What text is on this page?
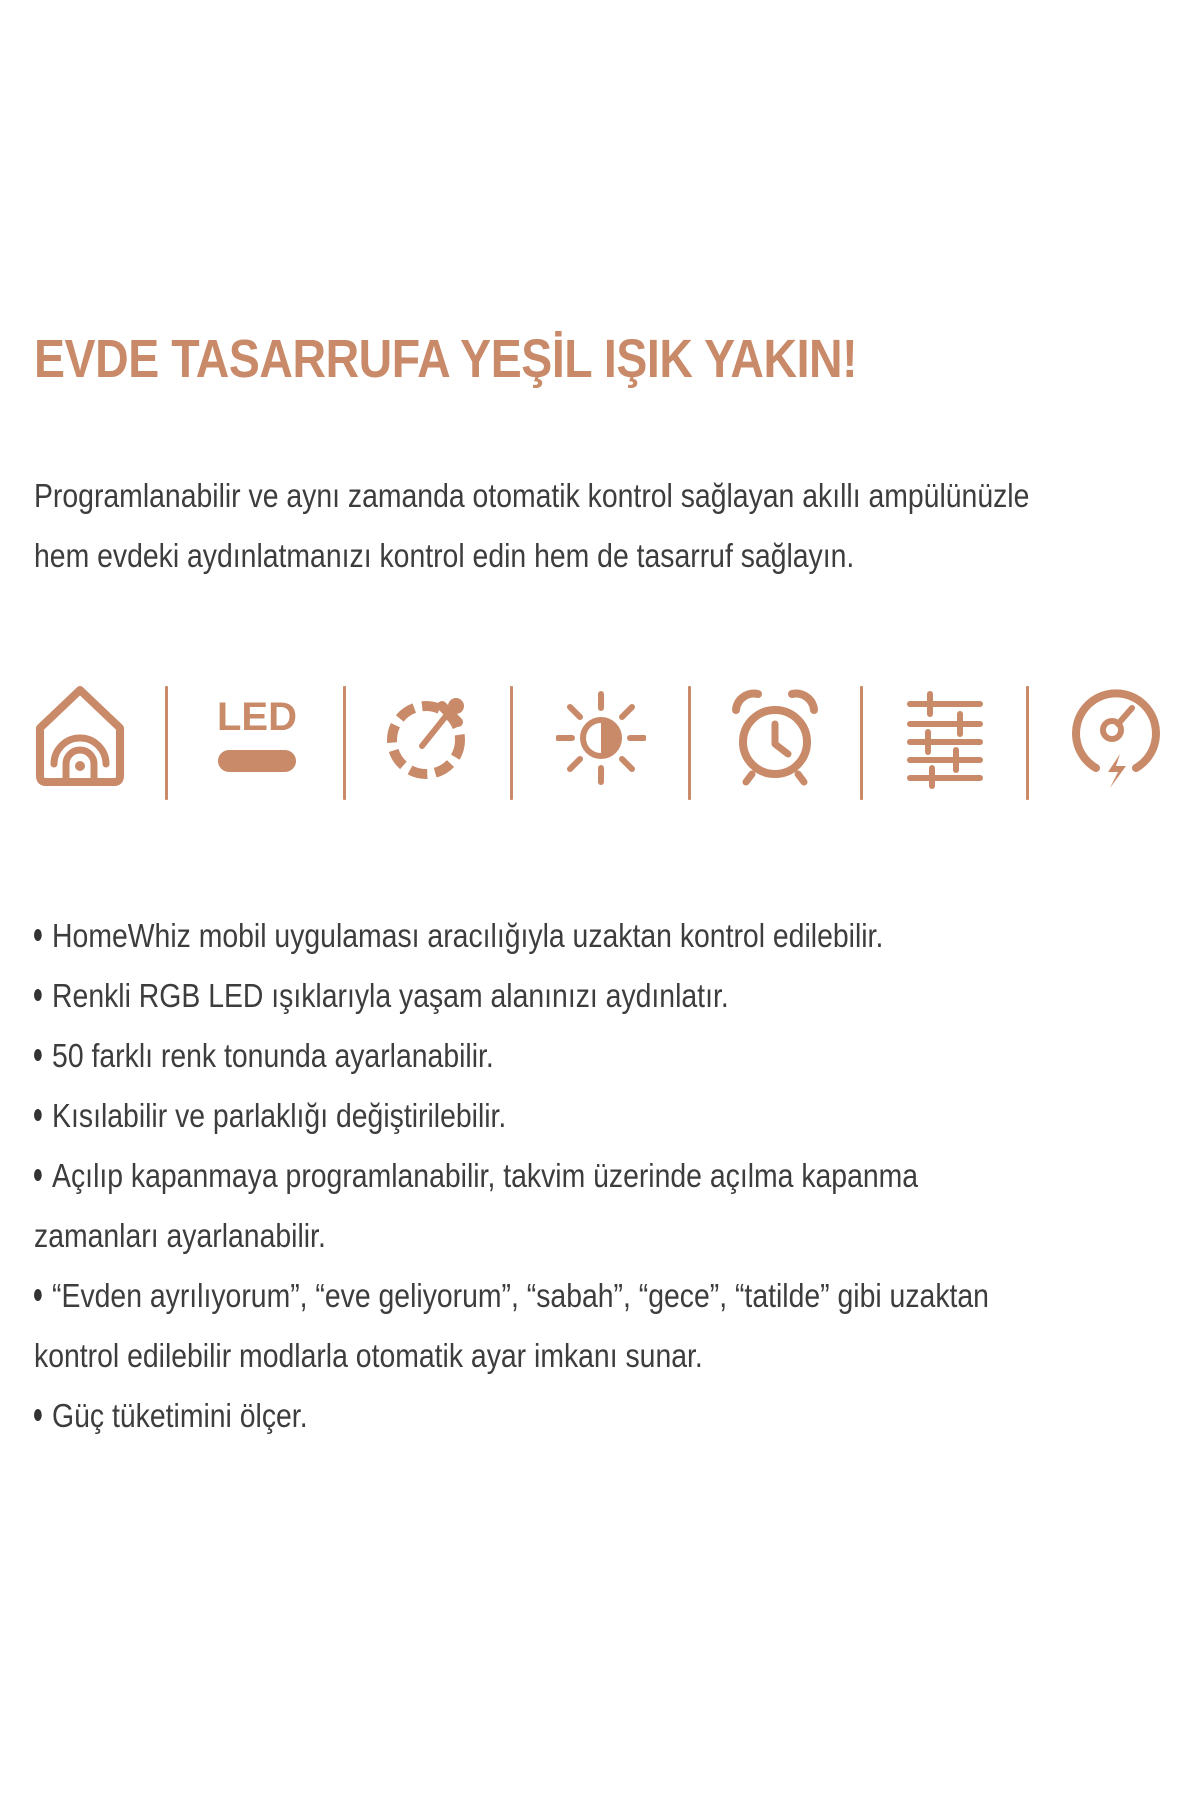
EVDE TASARRUFA YEŞİL IŞIK YAKIN!

Programlanabilir ve aynı zamanda otomatik kontrol sağlayan akıllı ampülünüzle
hem evdeki aydınlatmanızı kontrol edin hem de tasarruf sağlayın.

LED
HomeWhiz mobil uygulaması aracılığıyla uzaktan kontrol edilebilir.
Renkli RGB LED ışıklarıyla yaşam alanınızı aydınlatır.
50 farklı renk tonunda ayarlanabilir.
Kısılabilir ve parlaklığı değiştirilebilir.
Açılıp kapanmaya programlanabilir, takvim üzerinde açılma kapanma
zamanları ayarlanabilir.
“Evden ayrılıyorum”, “eve geliyorum”, “sabah”, “gece”, “tatilde” gibi uzaktan
kontrol edilebilir modlarla otomatik ayar imkanı sunar.
Güç tüketimini ölçer.
